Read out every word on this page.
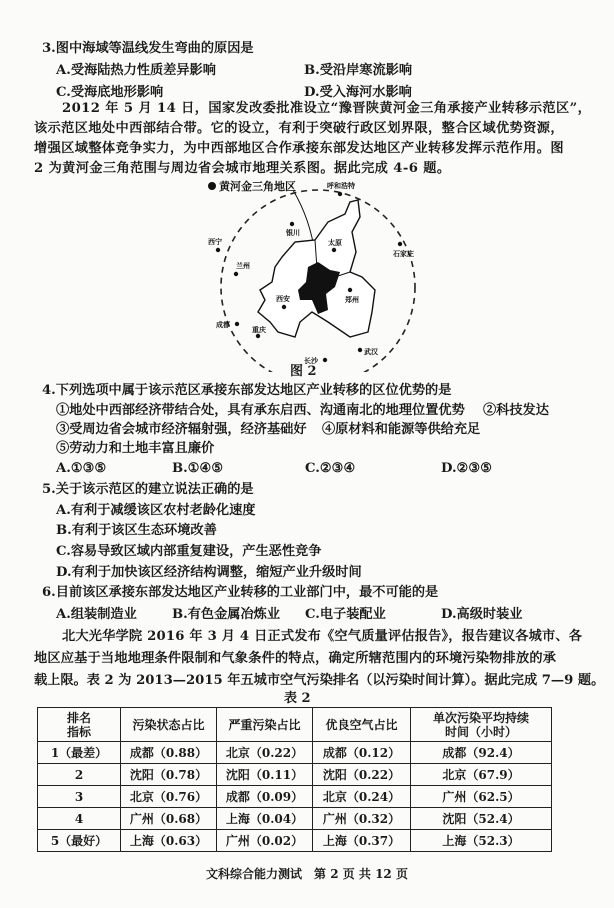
3.图中海域等温线发生弯曲的原因是
A.受海陆热力性质差异影响	B.受沿岸寒流影响
C.受海底地形影响	D.受入海河水影响
2012 年 5 月 14 日，国家发改委批准设立“豫晋陕黄河金三角承接产业转移示范区”，
该示范区地处中西部结合带。它的设立，有利于突破行政区划界限，整合区域优势资源，
增强区域整体竞争实力，为中西部地区合作承接东部发达地区产业转移发挥示范作用。图
2 为黄河金三角范围与周边省会城市地理关系图。据此完成 4-6 题。
黄河金三角地区	呼和浩特
银川
太原
西宁
石家庄
兰州
郑州
西安
成都
重庆
武汉
长沙
图 2
4.下列选项中属于该示范区承接东部发达地区产业转移的区位优势的是
①地处中西部经济带结合处，具有承东启西、沟通南北的地理位置优势 ②科技发达
③受周边省会城市经济辐射强，经济基础好 ④原材料和能源等供给充足
⑤劳动力和土地丰富且廉价
A.①③⑤	B.①④⑤	C.②③④	D.②③⑤
5.关于该示范区的建立说法正确的是
A.有利于减缓该区农村老龄化速度
B.有利于该区生态环境改善
C.容易导致区域内部重复建设，产生恶性竞争
D.有利于加快该区经济结构调整，缩短产业升级时间
6.目前该区承接东部发达地区产业转移的工业部门中，最不可能的是
A.组装制造业	B.有色金属冶炼业 C.电子装配业	D.高级时装业
北大光华学院 2016 年 3 月 4 日正式发布《空气质量评估报告》，报告建议各城市、各
地区应基于当地地理条件限制和气象条件的特点，确定所辖范围内的环境污染物排放的承
载上限。表 2 为 2013—2015 年五城市空气污染排名（以污染时间计算）。据此完成 7—9 题。
表 2
排名
指标	污染状态占比	严重污染占比	优良空气占比	单次污染平均持续时间（小时）
1（最差）	成都（0.88）	北京（0.22）	成都（0.12）	成都（92.4）
2	沈阳（0.78）	沈阳（0.11）	沈阳（0.22）	北京（67.9）
3	北京（0.76）	成都（0.09）	北京（0.24）	广州（62.5）
4	广州（0.68）	上海（0.04）	广州（0.32）	沈阳（52.4）
5（最好）	上海（0.63）	广州（0.02）	上海（0.37）	上海（52.3）
文科综合能力测试　第 2 页 共 12 页
